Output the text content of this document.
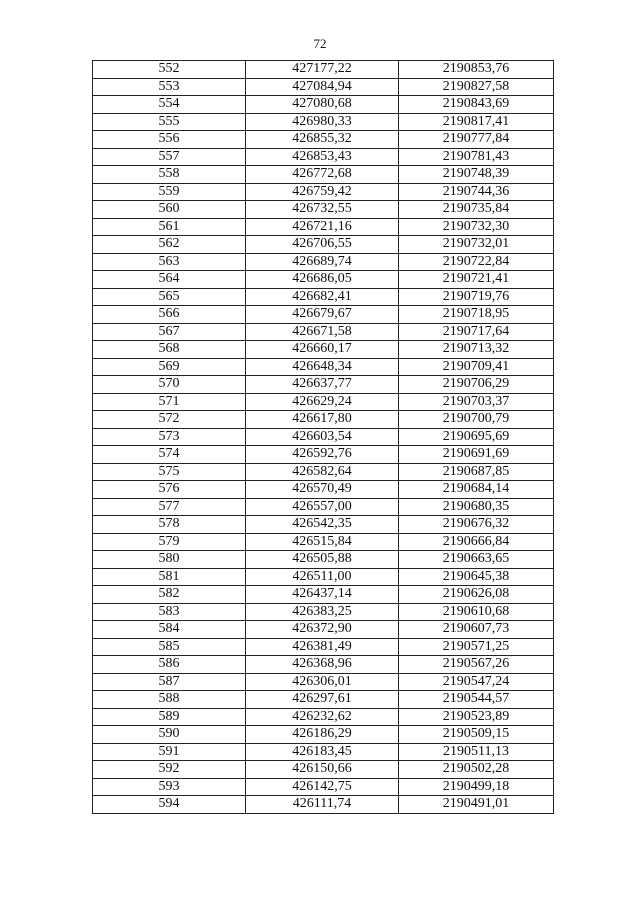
72
552	427177,22	2190853,76
553	427084,94	2190827,58
554	427080,68	2190843,69
555	426980,33	2190817,41
556	426855,32	2190777,84
557	426853,43	2190781,43
558	426772,68	2190748,39
559	426759,42	2190744,36
560	426732,55	2190735,84
561	426721,16	2190732,30
562	426706,55	2190732,01
563	426689,74	2190722,84
564	426686,05	2190721,41
565	426682,41	2190719,76
566	426679,67	2190718,95
567	426671,58	2190717,64
568	426660,17	2190713,32
569	426648,34	2190709,41
570	426637,77	2190706,29
571	426629,24	2190703,37
572	426617,80	2190700,79
573	426603,54	2190695,69
574	426592,76	2190691,69
575	426582,64	2190687,85
576	426570,49	2190684,14
577	426557,00	2190680,35
578	426542,35	2190676,32
579	426515,84	2190666,84
580	426505,88	2190663,65
581	426511,00	2190645,38
582	426437,14	2190626,08
583	426383,25	2190610,68
584	426372,90	2190607,73
585	426381,49	2190571,25
586	426368,96	2190567,26
587	426306,01	2190547,24
588	426297,61	2190544,57
589	426232,62	2190523,89
590	426186,29	2190509,15
591	426183,45	2190511,13
592	426150,66	2190502,28
593	426142,75	2190499,18
594	426111,74	2190491,01
